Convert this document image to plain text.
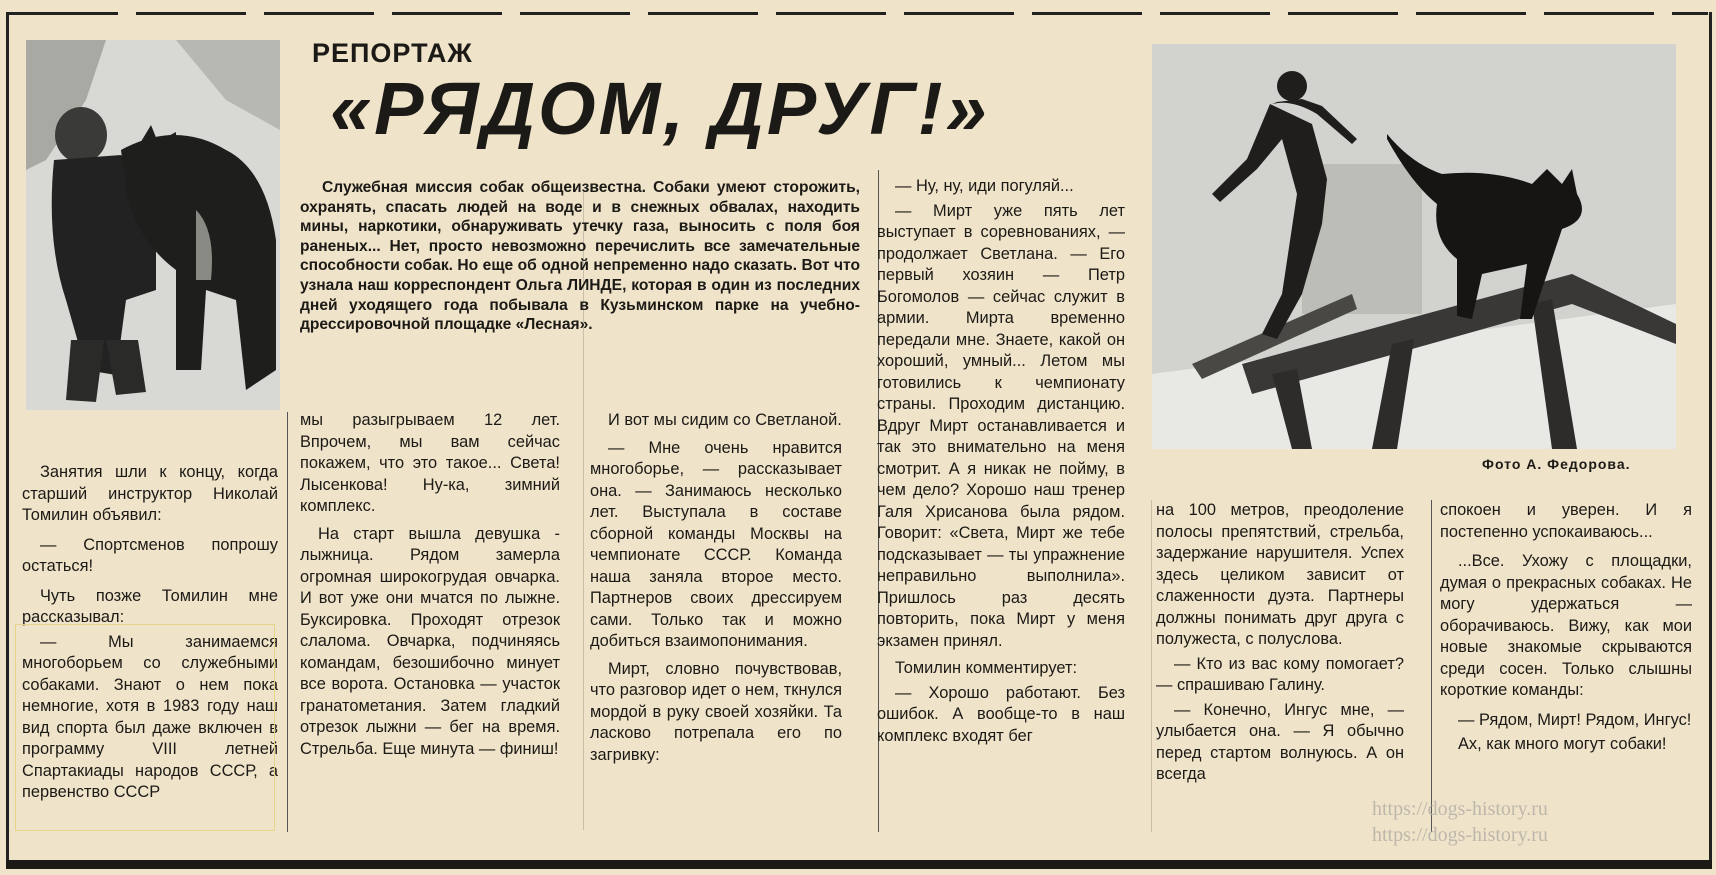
Фото А. Федорова.
РЕПОРТАЖ
«РЯДОМ, ДРУГ!»
Служебная миссия собак общеизвестна. Собаки умеют сторожить, охранять, спасать людей на воде и в снежных обвалах, находить мины, наркотики, обнаруживать утечку газа, выносить с поля боя раненых... Нет, просто невозможно перечислить все замечательные способности собак. Но еще об одной непременно надо сказать. Вот что узнала наш корреспондент Ольга ЛИНДЕ, которая в один из последних дней уходящего года побывала в Кузьминском парке на учебно-дрессировочной площадке «Лесная».

Занятия шли к концу, когда старший инструктор Николай Томилин объявил:

— Спортсменов попрошу остаться!

Чуть позже Томилин мне рассказывал:

— Мы занимаемся многоборьем со служебными собаками. Знают о нем пока немногие, хотя в 1983 году наш вид спорта был даже включен в программу VIII летней Спартакиады народов СССР, а первенство СССР

мы разыгрываем 12 лет. Впрочем, мы вам сейчас покажем, что это такое... Света! Лысенкова! Ну-ка, зимний комплекс.

На старт вышла девушка - лыжница. Рядом замерла огромная широкогрудая овчарка. И вот уже они мчатся по лыжне. Буксировка. Проходят отрезок слалома. Овчарка, подчиняясь командам, безошибочно минует все ворота. Остановка — участок гранатометания. Затем гладкий отрезок лыжни — бег на время. Стрельба. Еще минута — финиш!

И вот мы сидим со Светланой.

— Мне очень нравится многоборье, — рассказывает она. — Занимаюсь несколько лет. Выступала в составе сборной команды Москвы на чемпионате СССР. Команда наша заняла второе место. Партнеров своих дрессируем сами. Только так и можно добиться взаимопонимания.

Мирт, словно почувствовав, что разговор идет о нем, ткнулся мордой в руку своей хозяйки. Та ласково потрепала его по загривку:

— Ну, ну, иди погуляй...

— Мирт уже пять лет выступает в соревнованиях, — продолжает Светлана. — Его первый хозяин — Петр Богомолов — сейчас служит в армии. Мирта временно передали мне. Знаете, какой он хороший, умный... Летом мы готовились к чемпионату страны. Проходим дистанцию. Вдруг Мирт останавливается и так это внимательно на меня смотрит. А я никак не пойму, в чем дело? Хорошо наш тренер Галя Хрисанова была рядом. Говорит: «Света, Мирт же тебе подсказывает — ты упражнение неправильно выполнила». Пришлось раз десять повторить, пока Мирт у меня экзамен принял.

Томилин комментирует:

— Хорошо работают. Без ошибок. А вообще-то в наш комплекс входят бег

на 100 метров, преодоление полосы препятствий, стрельба, задержание нарушителя. Успех здесь целиком зависит от слаженности дуэта. Партнеры должны понимать друг друга с полужеста, с полуслова.

— Кто из вас кому помогает? — спрашиваю Галину.

— Конечно, Ингус мне, — улыбается она. — Я обычно перед стартом волнуюсь. А он всегда

спокоен и уверен. И я постепенно успокаиваюсь...

...Все. Ухожу с площадки, думая о прекрасных собаках. Не могу удержаться — оборачиваюсь. Вижу, как мои новые знакомые скрываются среди сосен. Только слышны короткие команды:

— Рядом, Мирт! Рядом, Ингус!

Ах, как много могут собаки!

https://dogs-history.ru
https://dogs-history.ru
